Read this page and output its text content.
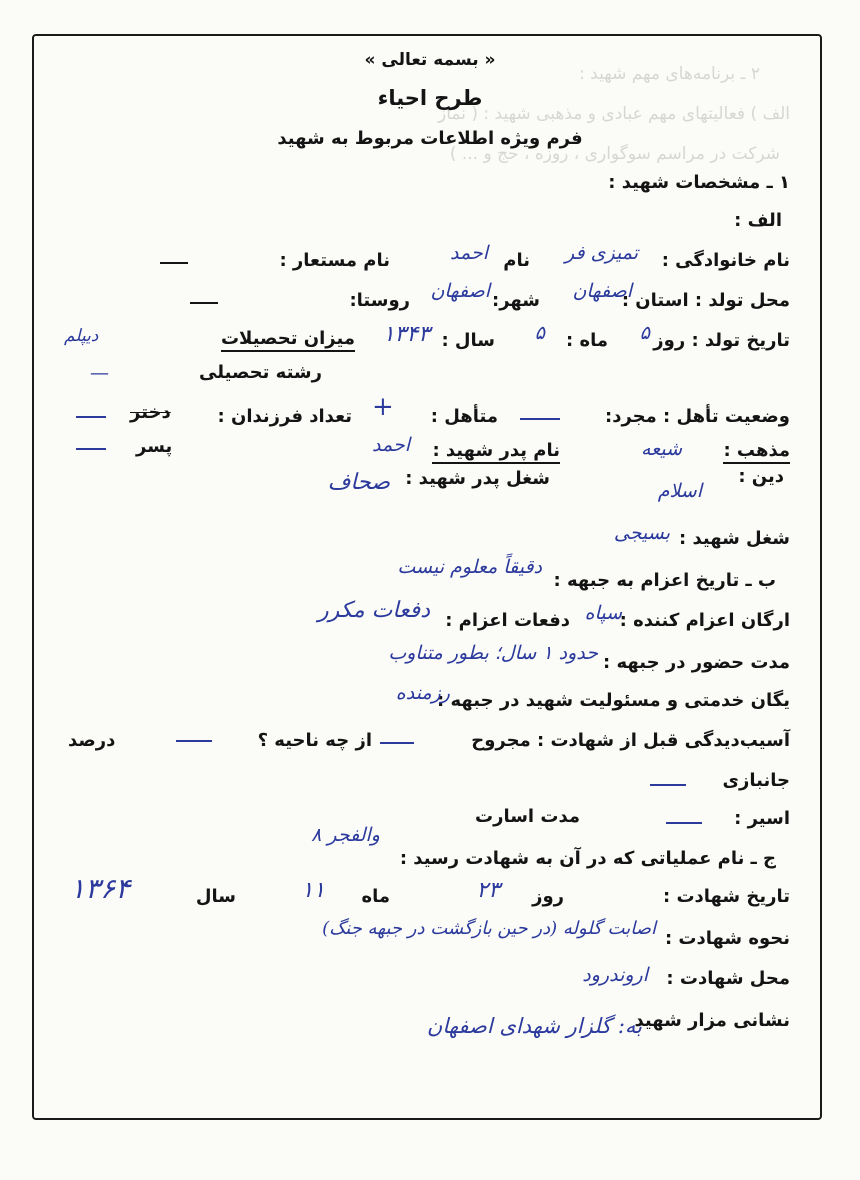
۲ ـ برنامه‌های مهم شهید :
الف ) فعالیتهای مهم عبادی و مذهبی شهید : ( نماز
شرکت در مراسم سوگواری ، روزه ، حج و ... )
« بسمه تعالی »
طرح احیاء
فرم ویژه اطلاعات مربوط به شهید
۱ ـ مشخصات شهید :
الف :
نام خانوادگی :
تمیزی فر
نام
احمد
نام مستعار :
محل تولد : استان :
اصفهان
شهر:
اصفهان
روستا:
تاریخ تولد : روز
۵
ماه :
۵
سال :
۱۳۴۳
میزان تحصیلات
دیپلم
رشته تحصیلی
—
وضعیت تأهل : مجرد:
متأهل :
+
تعداد فرزندان :
دختر
پسر	مذهب :
دین :
شیعه
اسلام
نام پدر شهید :
احمد
شغل پدر شهید :
صحاف
شغل شهید :
بسیجی
ب ـ تاریخ اعزام به جبهه :
دقیقاً معلوم نیست
ارگان اعزام کننده :
سپاه
دفعات اعزام :
دفعات مکرر
مدت حضور در جبهه :
حدود ۱ سال؛ بطور متناوب
یگان خدمتی و مسئولیت شهید در جبهه :
رزمنده
آسیب‌دیدگی قبل از شهادت : مجروح
از چه ناحیه ؟
درصد
جانبازی
اسیر :
مدت اسارت
ج ـ نام عملیاتی که در آن به شهادت رسید :
والفجر ۸
تاریخ شهادت :
روز
۲۳
ماه
۱۱
سال
۱۳۶۴
نحوه شهادت :
اصابت گلوله (در حین بازگشت در جبهه جنگ)
محل شهادت :
اروندرود
نشانی مزار شهید
به: گلزار شهدای اصفهان
